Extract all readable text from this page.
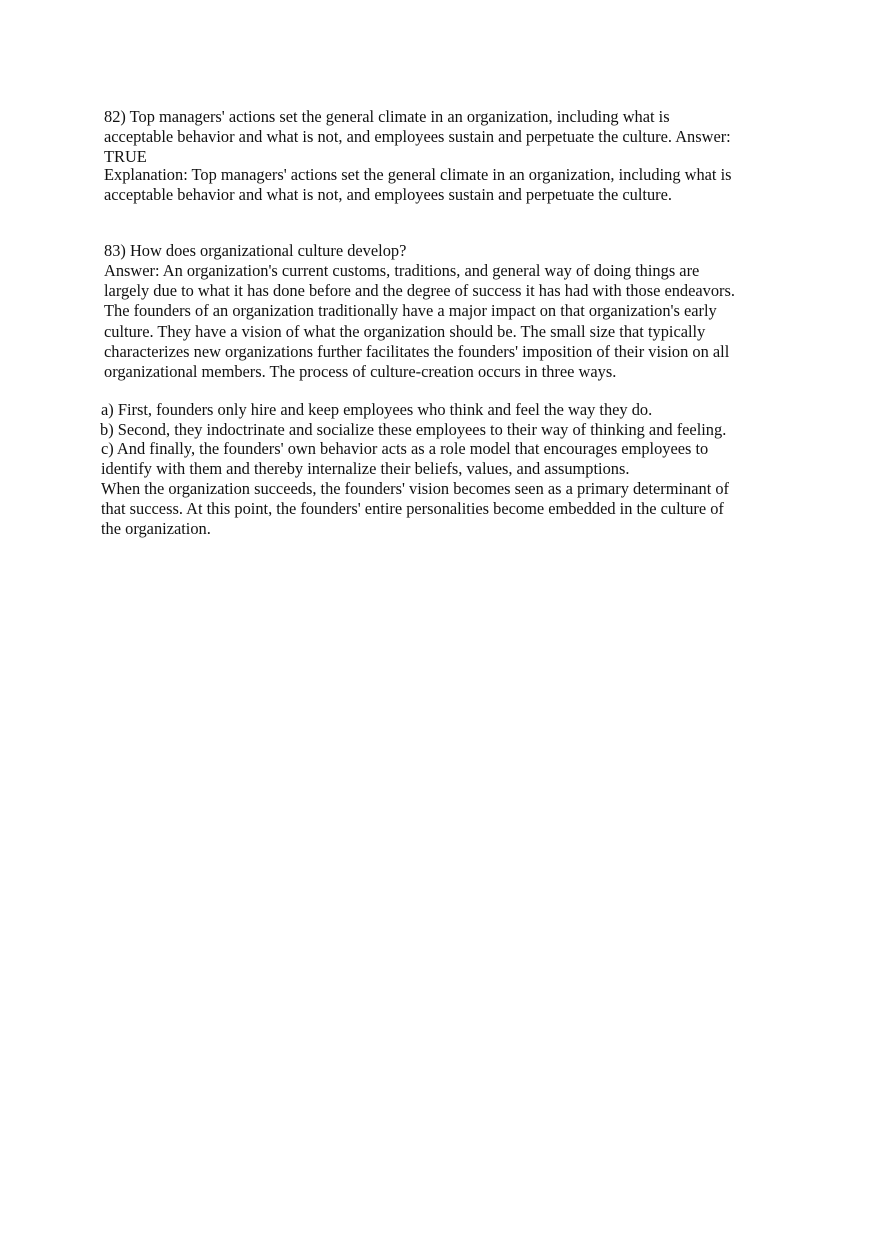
82) Top managers' actions set the general climate in an organization, including what is
acceptable behavior and what is not, and employees sustain and perpetuate the culture. Answer:
TRUE

Explanation: Top managers' actions set the general climate in an organization, including what is
acceptable behavior and what is not, and employees sustain and perpetuate the culture.

83) How does organizational culture develop?

Answer: An organization's current customs, traditions, and general way of doing things are
largely due to what it has done before and the degree of success it has had with those endeavors.
The founders of an organization traditionally have a major impact on that organization's early
culture. They have a vision of what the organization should be. The small size that typically
characterizes new organizations further facilitates the founders' imposition of their vision on all
organizational members. The process of culture-creation occurs in three ways.

a) First, founders only hire and keep employees who think and feel the way they do.

b) Second, they indoctrinate and socialize these employees to their way of thinking and feeling.

c) And finally, the founders' own behavior acts as a role model that encourages employees to
identify with them and thereby internalize their beliefs, values, and assumptions.

When the organization succeeds, the founders' vision becomes seen as a primary determinant of
that success. At this point, the founders' entire personalities become embedded in the culture of
the organization.
